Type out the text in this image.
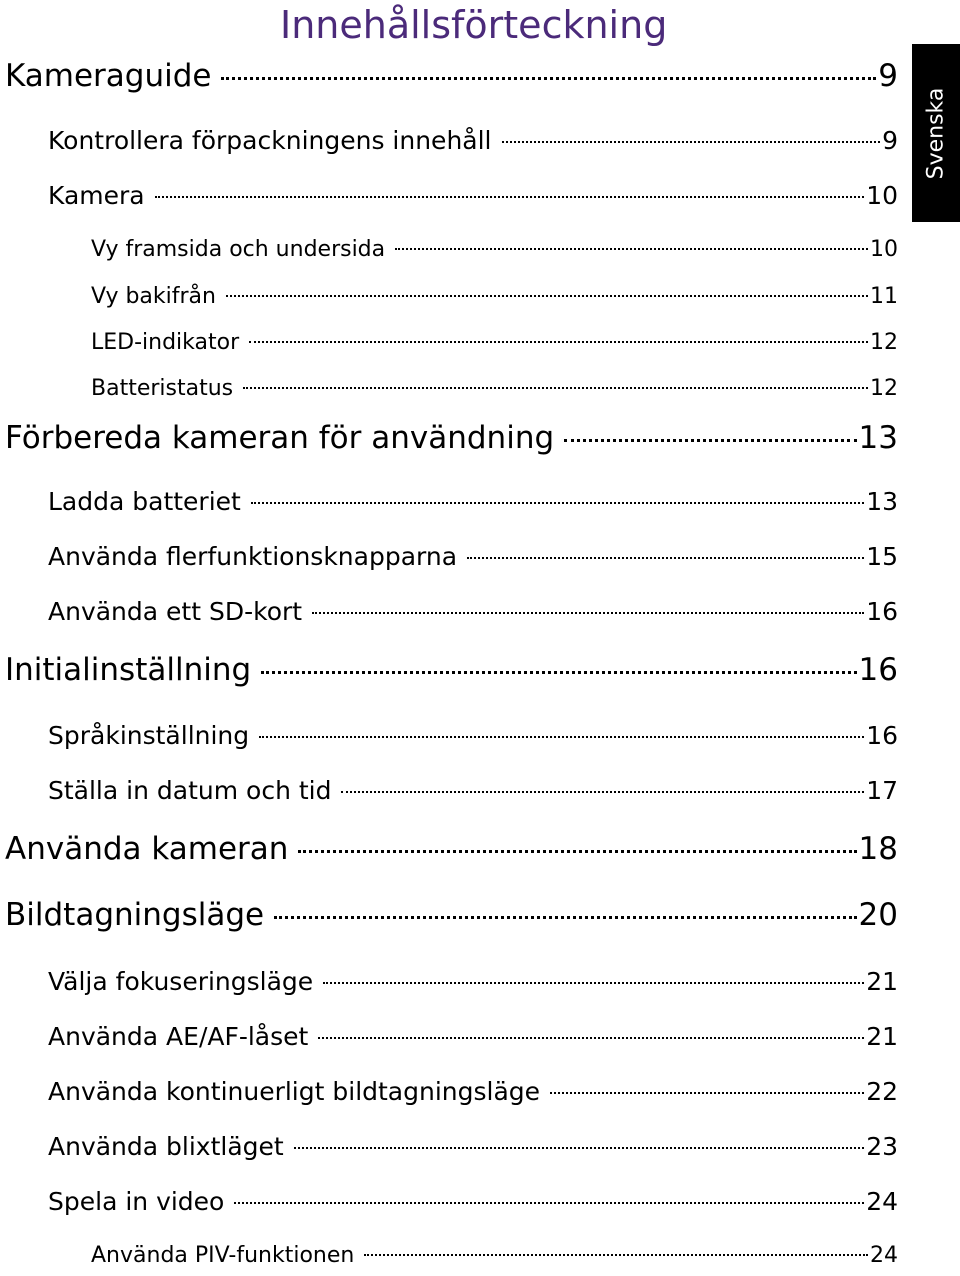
Innehållsförteckning
Svenska
Kameraguide	9
Kontrollera förpackningens innehåll	9
Kamera	10
Vy framsida och undersida	10
Vy bakifrån	11
LED-indikator	12
Batteristatus	12
Förbereda kameran för användning	13
Ladda batteriet	13
Använda flerfunktionsknapparna	15
Använda ett SD-kort	16
Initialinställning	16
Språkinställning	16
Ställa in datum och tid	17
Använda kameran	18
Bildtagningsläge	20
Välja fokuseringsläge	21
Använda AE/AF-låset	21
Använda kontinuerligt bildtagningsläge	22
Använda blixtläget	23
Spela in video	24
Använda PIV-funktionen	24
